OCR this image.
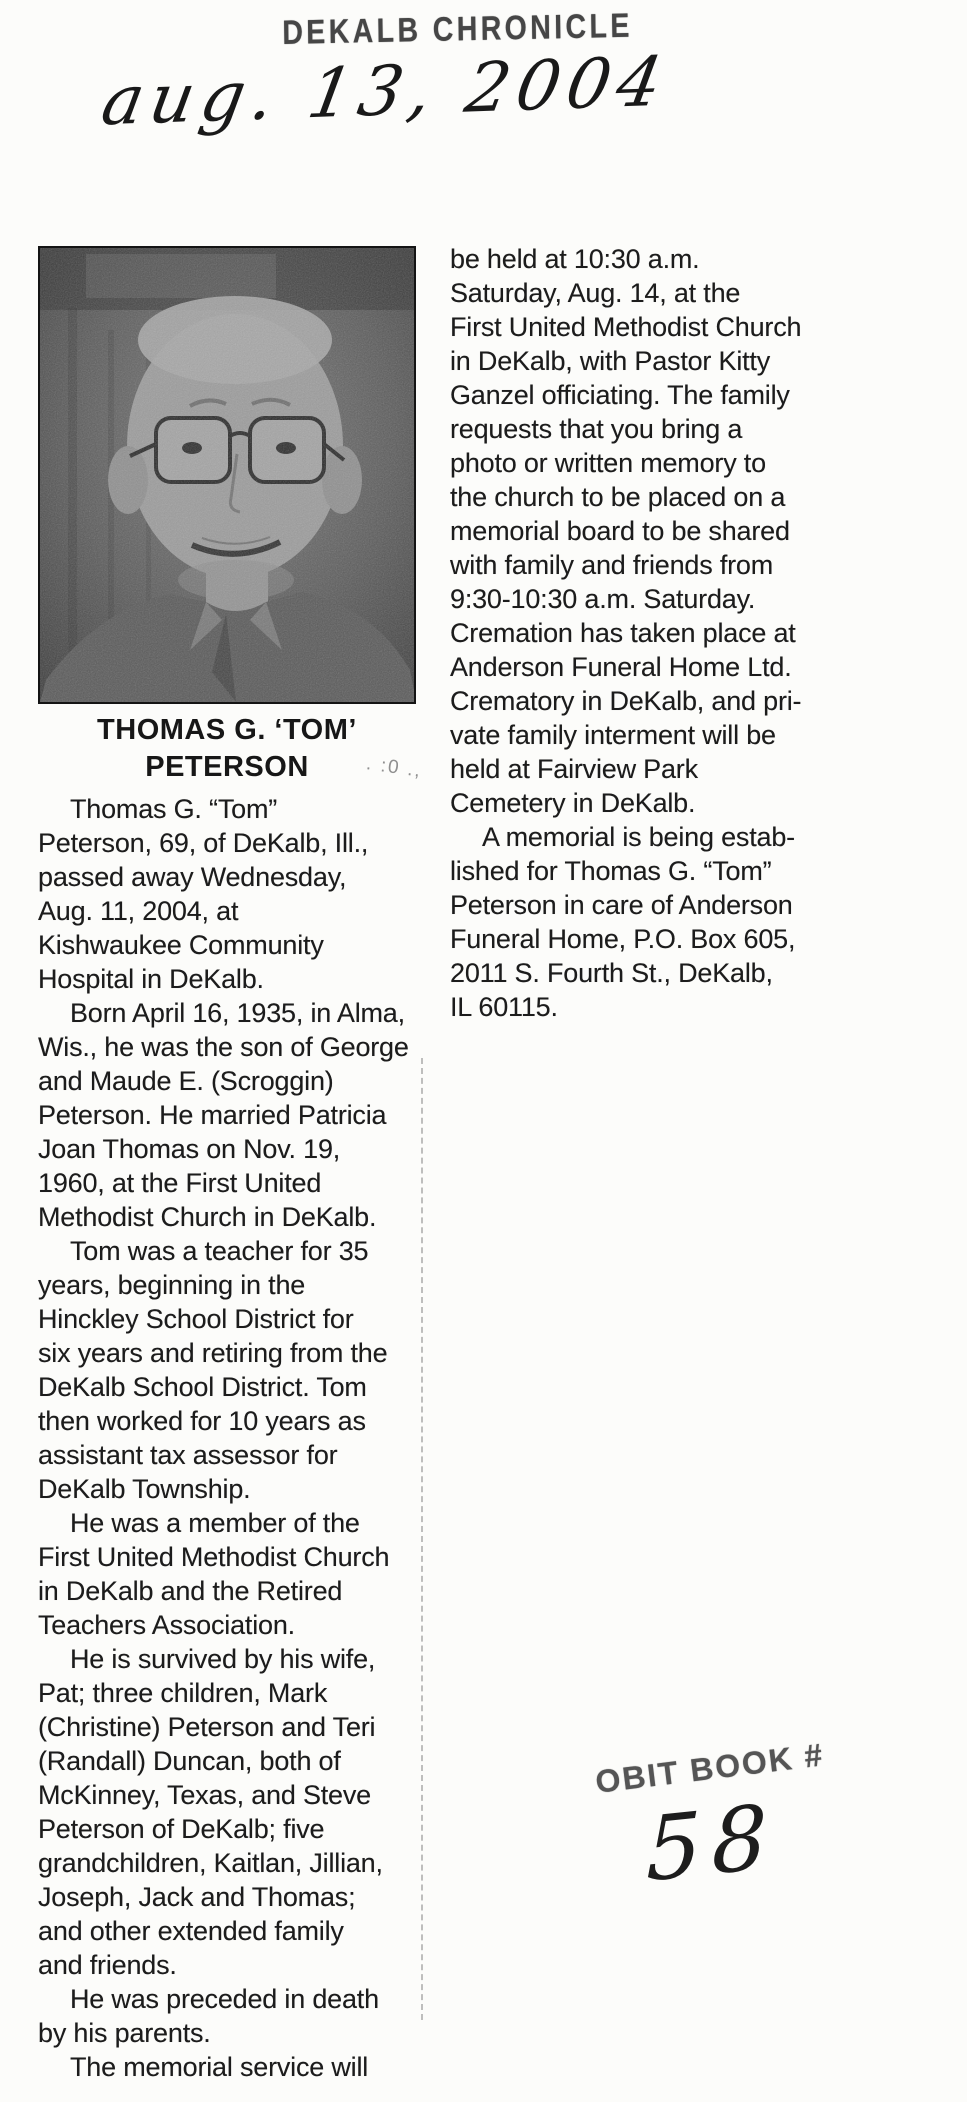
DEKALB CHRONICLE
aug. 13, 2004
THOMAS G. ‘TOM’
PETERSON	. :0 .,
Thomas G. “Tom”
Peterson, 69, of DeKalb, Ill.,
passed away Wednesday,
Aug. 11, 2004, at
Kishwaukee Community
Hospital in DeKalb.
Born April 16, 1935, in Alma,
Wis., he was the son of George
and Maude E. (Scroggin)
Peterson. He married Patricia
Joan Thomas on Nov. 19,
1960, at the First United
Methodist Church in DeKalb.
Tom was a teacher for 35
years, beginning in the
Hinckley School District for
six years and retiring from the
DeKalb School District. Tom
then worked for 10 years as
assistant tax assessor for
DeKalb Township.
He was a member of the
First United Methodist Church
in DeKalb and the Retired
Teachers Association.
He is survived by his wife,
Pat; three children, Mark
(Christine) Peterson and Teri
(Randall) Duncan, both of
McKinney, Texas, and Steve
Peterson of DeKalb; five
grandchildren, Kaitlan, Jillian,
Joseph, Jack and Thomas;
and other extended family
and friends.
He was preceded in death
by his parents.
The memorial service will
be held at 10:30 a.m.
Saturday, Aug. 14, at the
First United Methodist Church
in DeKalb, with Pastor Kitty
Ganzel officiating. The family
requests that you bring a
photo or written memory to
the church to be placed on a
memorial board to be shared
with family and friends from
9:30-10:30 a.m. Saturday.
Cremation has taken place at
Anderson Funeral Home Ltd.
Crematory in DeKalb, and pri-
vate family interment will be
held at Fairview Park
Cemetery in DeKalb.
A memorial is being estab-
lished for Thomas G. “Tom”
Peterson in care of Anderson
Funeral Home, P.O. Box 605,
2011 S. Fourth St., DeKalb,
IL 60115.
OBIT BOOK #
58
